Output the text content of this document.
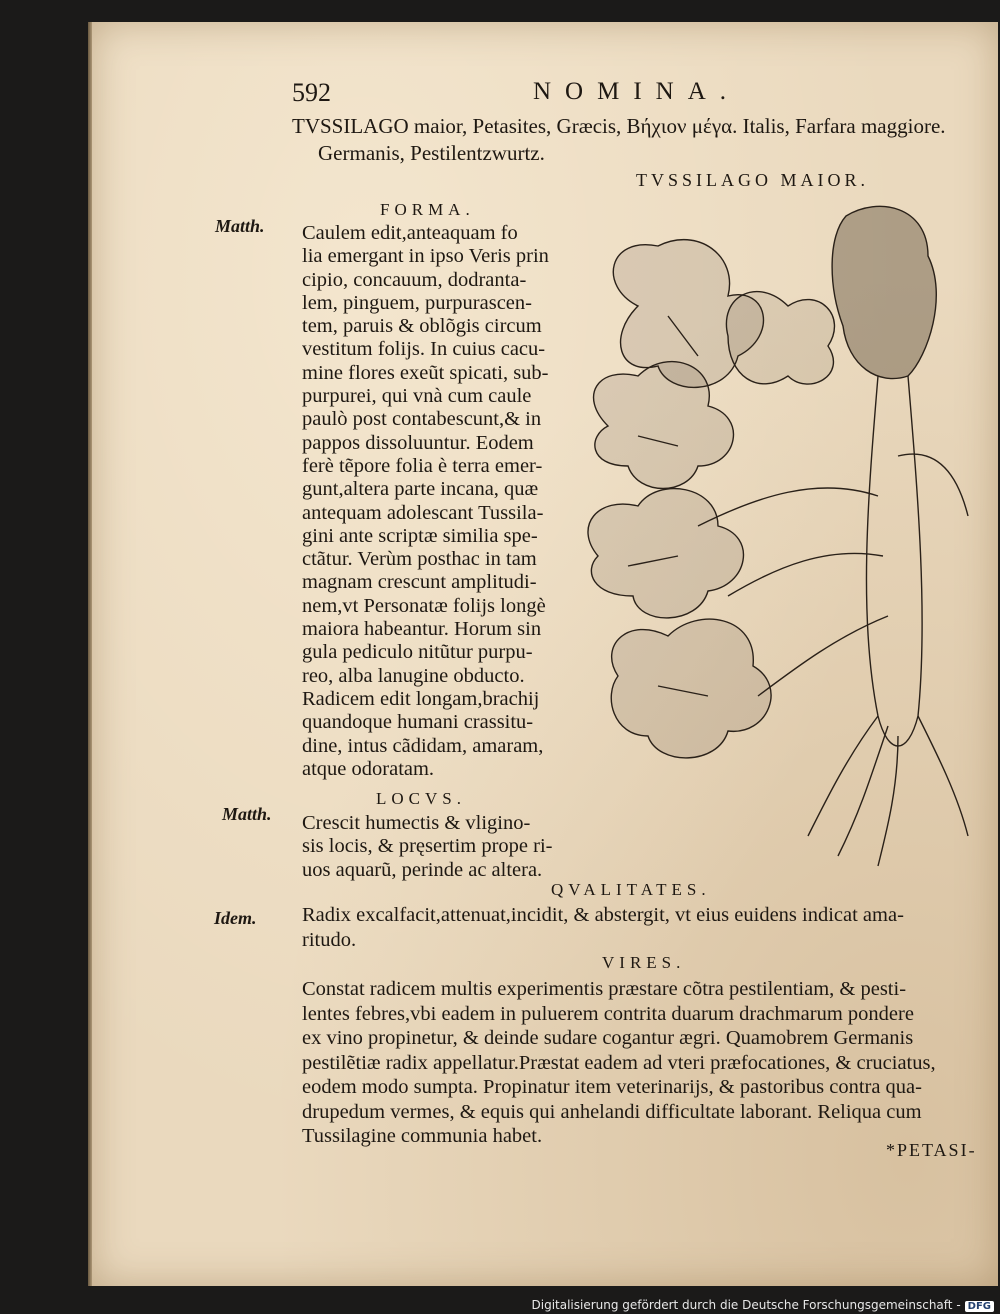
592	NOMINA.
TVSSILAGO maior, Petasites, Græcis, Βήχιον μέγα. Italis, Farfara maggiore.
Germanis, Pestilentzwurtz.
TVSSILAGO MAIOR.
FORMA.
Matth. Caulem edit,anteaquam fo
lia emergant in ipso Veris prin
cipio, concauum, dodranta-
lem, pinguem, purpurascen-
tem, paruis & oblõgis circum
vestitum folijs. In cuius cacu-
mine flores exeũt spicati, sub-
purpurei, qui vnà cum caule
paulò post contabescunt,& in
pappos dissoluuntur. Eodem
ferè tẽpore folia è terra emer-
gunt,altera parte incana, quæ
antequam adolescant Tussila-
gini ante scriptæ similia spe-
ctãtur. Verùm posthac in tam
magnam crescunt amplitudi-
nem,vt Personatæ folijs longè
maiora habeantur. Horum sin
gula pediculo nitũtur purpu-
reo, alba lanugine obducto.
Radicem edit longam,brachij
quandoque humani crassitu-
dine, intus cãdidam, amaram,
atque odoratam.
LOCVS.
Matth. Crescit humectis & vligino-
sis locis, & pręsertim prope ri-
uos aquarũ, perinde ac altera.
QVALITATES.
Idem. Radix excalfacit,attenuat,incidit, & abstergit, vt eius euidens indicat ama-
ritudo.
VIRES.
Constat radicem multis experimentis præstare cõtra pestilentiam, & pesti-
lentes febres,vbi eadem in puluerem contrita duarum drachmarum pondere
ex vino propinetur, & deinde sudare cogantur ægri. Quamobrem Germanis
pestilẽtiæ radix appellatur.Præstat eadem ad vteri præfocationes, & cruciatus,
eodem modo sumpta. Propinatur item veterinarijs, & pastoribus contra qua-
drupedum vermes, & equis qui anhelandi difficultate laborant. Reliqua cum
Tussilagine communia habet.
*PETASI-
Digitalisierung gefördert durch die Deutsche Forschungsgemeinschaft - DFG
